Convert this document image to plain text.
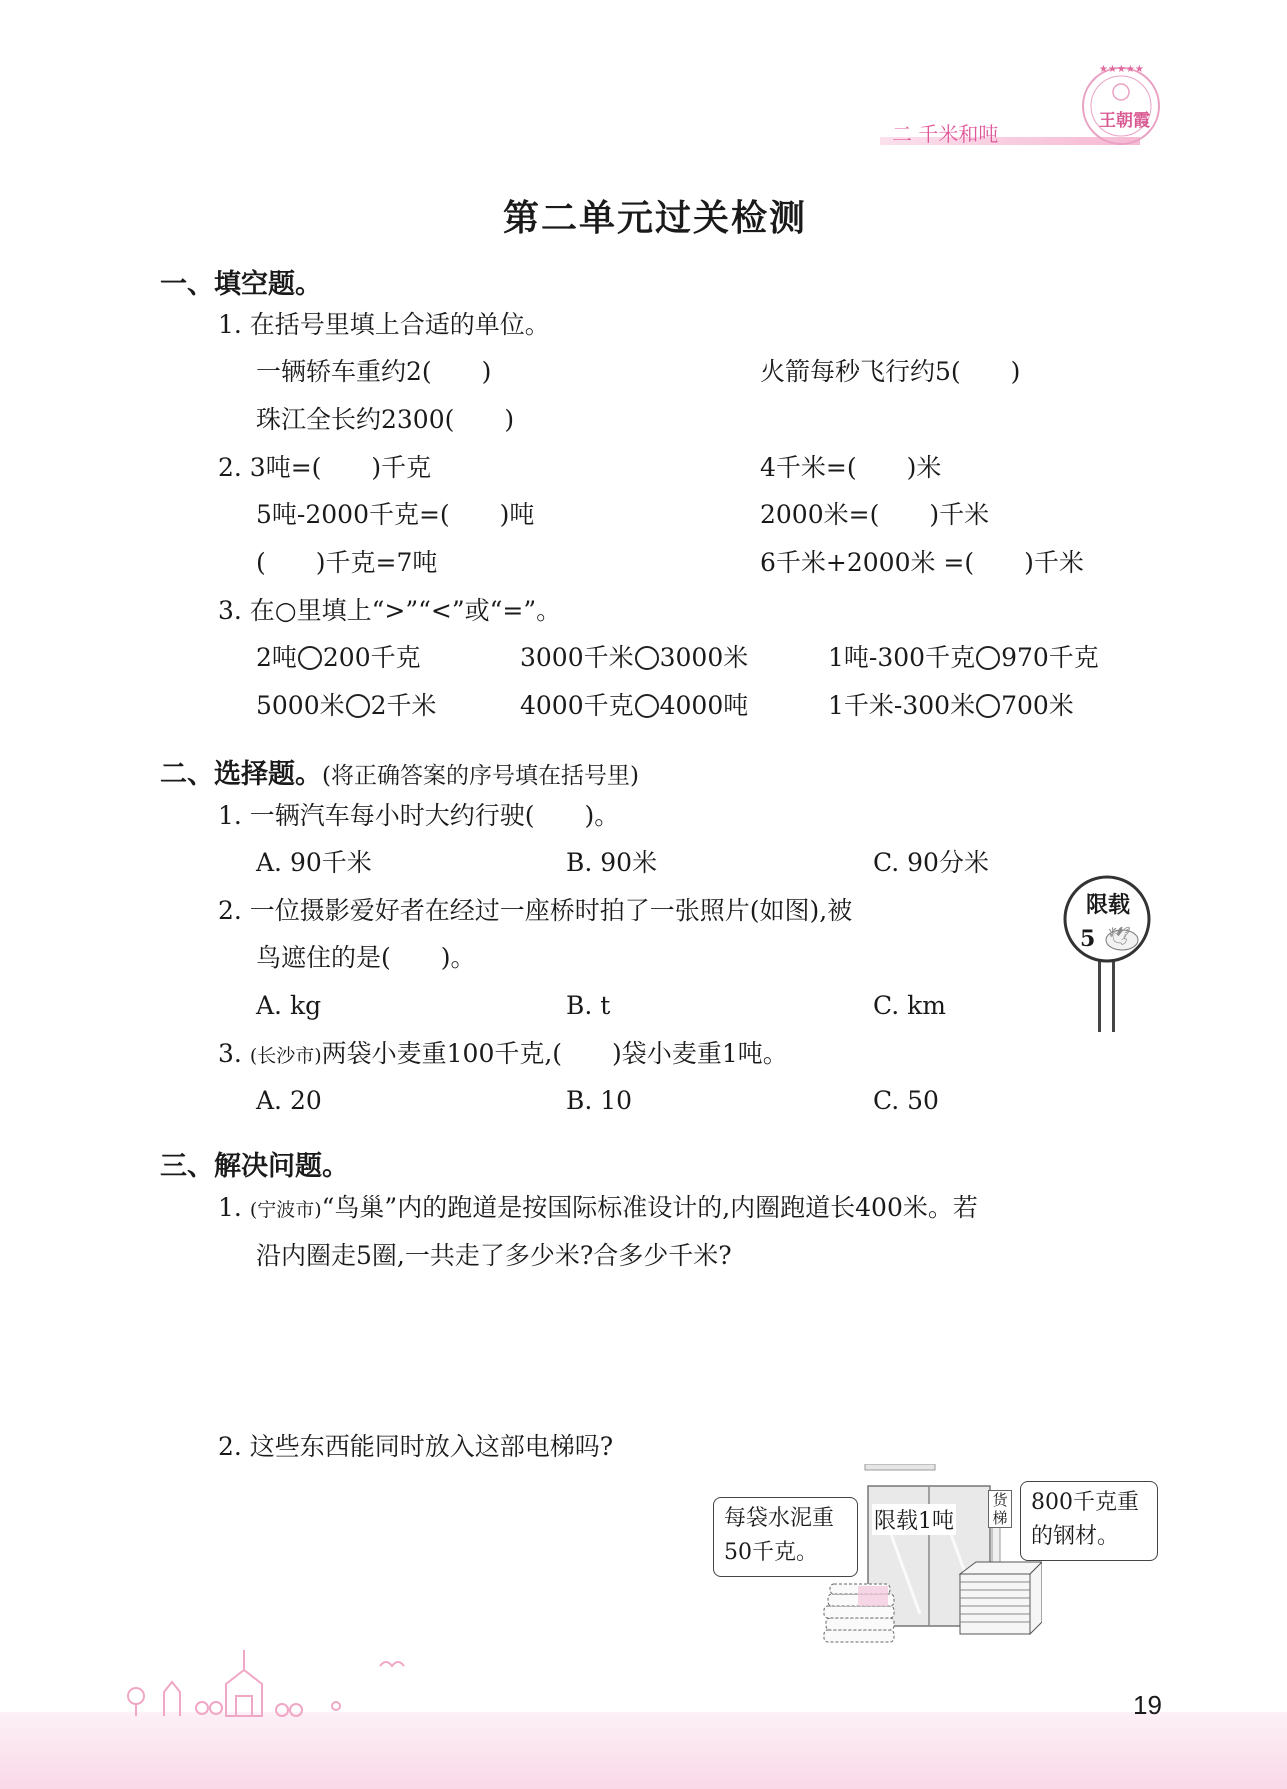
二 千米和吨
★★★★★
王朝霞
第二单元过关检测
一、填空题。
1. 在括号里填上合适的单位。
一辆轿车重约2(　　)	火箭每秒飞行约5(　　)
珠江全长约2300(　　)
2. 3吨=(　　)千克	4千米=(　　)米
5吨-2000千克=(　　)吨	2000米=(　　)千米
(　　)千克=7吨	6千米+2000米 =(　　)千米
3. 在○里填上“>”“<”或“=”。
2吨 200千克	3000千米 3000米	1吨-300千克 970千克
5000米 2千米	4000千克 4000吨	1千米-300米 700米
二、选择题。(将正确答案的序号填在括号里)
1. 一辆汽车每小时大约行驶(　　)。
A. 90千米	B. 90米	C. 90分米
2. 一位摄影爱好者在经过一座桥时拍了一张照片(如图),被
鸟遮住的是(　　)。
A. kg	B. t	C. km
限载
5 🕊
3. (长沙市)两袋小麦重100千克,(　　)袋小麦重1吨。
A. 20	B. 10	C. 50
三、解决问题。
1. (宁波市)“鸟巢”内的跑道是按国际标准设计的,内圈跑道长400米。若
沿内圈走5圈,一共走了多少米?合多少千米?
2. 这些东西能同时放入这部电梯吗?
限载1吨
货梯
每袋水泥重
50千克。
800千克重
的钢材。
19
